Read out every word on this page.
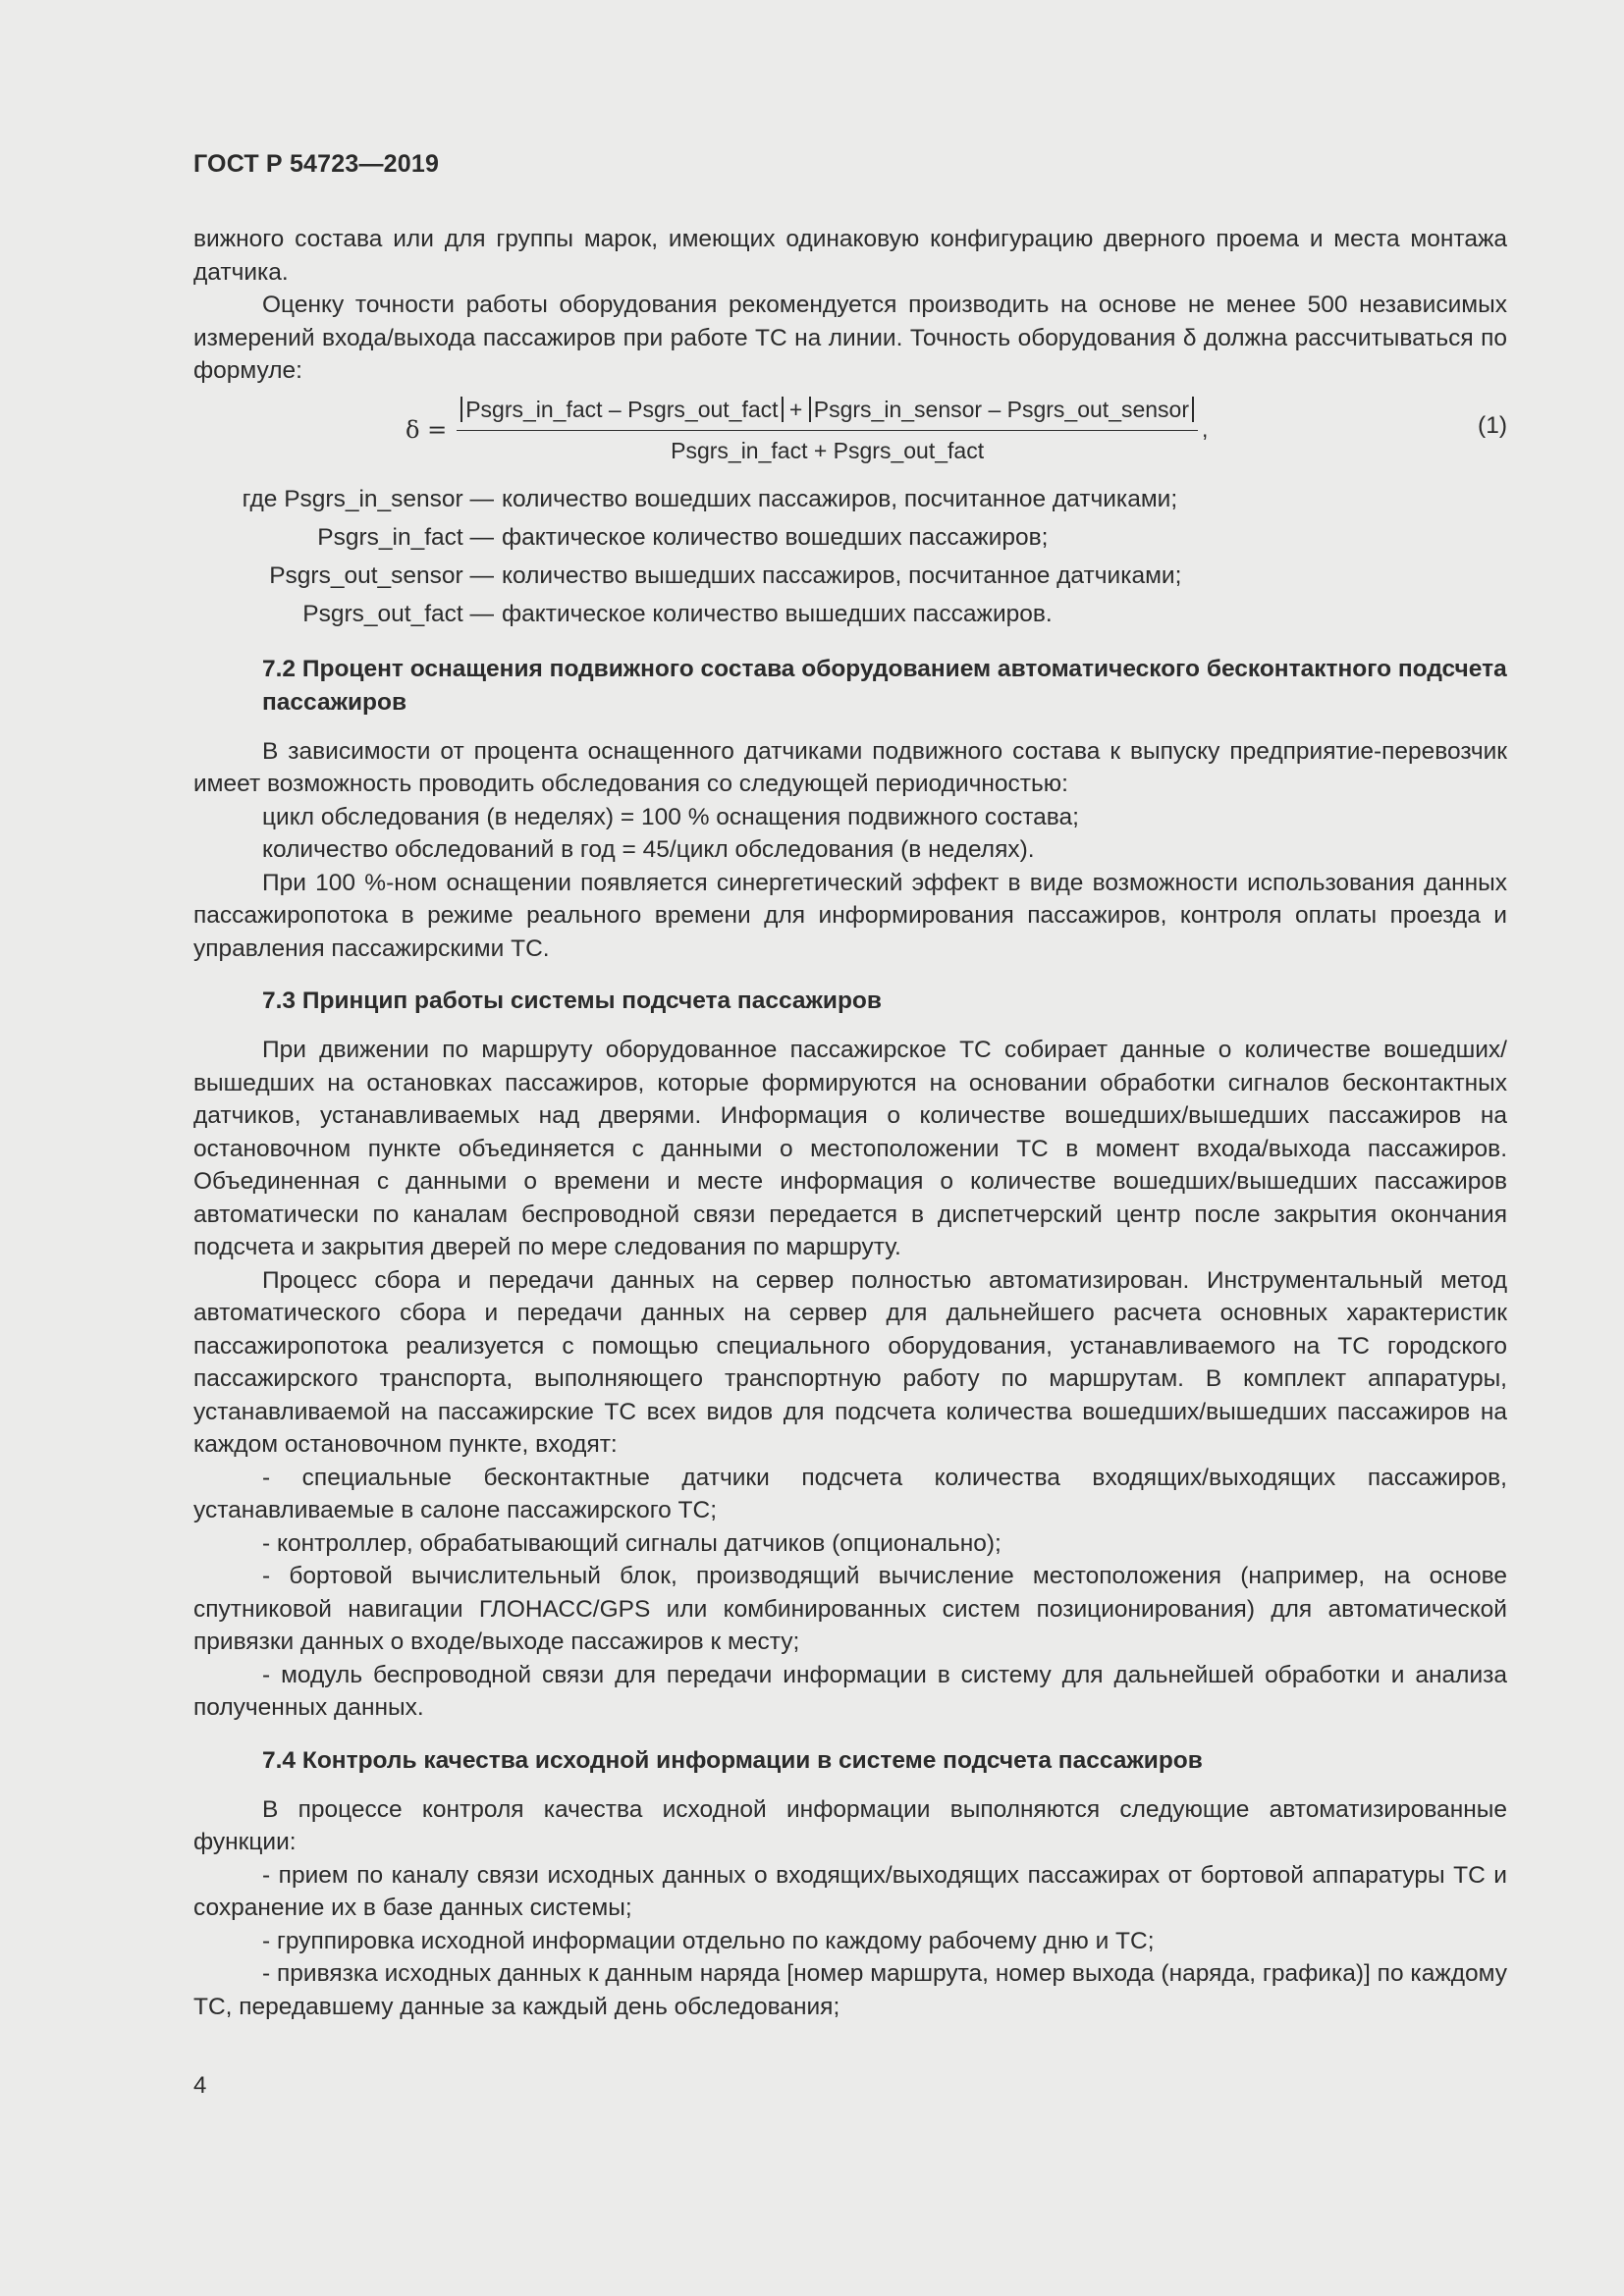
ГОСТ Р 54723—2019

вижного состава или для группы марок, имеющих одинаковую конфигурацию дверного проема и места монтажа датчика.

Оценку точности работы оборудования рекомендуется производить на основе не менее 500 независимых измерений входа/выхода пассажиров при работе ТС на линии. Точность оборудования δ должна рассчитываться по формуле:

δ =
Psgrs_in_fact – Psgrs_out_fact + Psgrs_in_sensor – Psgrs_out_sensor
Psgrs_in_fact + Psgrs_out_fact
,	(1)
где Psgrs_in_sensor — количество вошедших пассажиров, посчитанное датчиками;
Psgrs_in_fact — фактическое количество вошедших пассажиров;
Psgrs_out_sensor — количество вышедших пассажиров, посчитанное датчиками;
Psgrs_out_fact — фактическое количество вышедших пассажиров.
7.2 Процент оснащения подвижного состава оборудованием автоматического бесконтактного подсчета пассажиров

В зависимости от процента оснащенного датчиками подвижного состава к выпуску предприятие-перевозчик имеет возможность проводить обследования со следующей периодичностью:

цикл обследования (в неделях) = 100 % оснащения подвижного состава;

количество обследований в год = 45/цикл обследования (в неделях).

При 100 %-ном оснащении появляется синергетический эффект в виде возможности использования данных пассажиропотока в режиме реального времени для информирования пассажиров, контроля оплаты проезда и управления пассажирскими ТС.

7.3 Принцип работы системы подсчета пассажиров

При движении по маршруту оборудованное пассажирское ТС собирает данные о количестве вошедших/вышедших на остановках пассажиров, которые формируются на основании обработки сигналов бесконтактных датчиков, устанавливаемых над дверями. Информация о количестве вошедших/вышедших пассажиров на остановочном пункте объединяется с данными о местоположении ТС в момент входа/выхода пассажиров. Объединенная с данными о времени и месте информация о количестве вошедших/вышедших пассажиров автоматически по каналам беспроводной связи передается в диспетчерский центр после закрытия окончания подсчета и закрытия дверей по мере следования по маршруту.

Процесс сбора и передачи данных на сервер полностью автоматизирован. Инструментальный метод автоматического сбора и передачи данных на сервер для дальнейшего расчета основных характеристик пассажиропотока реализуется с помощью специального оборудования, устанавливаемого на ТС городского пассажирского транспорта, выполняющего транспортную работу по маршрутам. В комплект аппаратуры, устанавливаемой на пассажирские ТС всех видов для подсчета количества вошедших/вышедших пассажиров на каждом остановочном пункте, входят:

- специальные бесконтактные датчики подсчета количества входящих/выходящих пассажиров, устанавливаемые в салоне пассажирского ТС;

- контроллер, обрабатывающий сигналы датчиков (опционально);

- бортовой вычислительный блок, производящий вычисление местоположения (например, на основе спутниковой навигации ГЛОНАСС/GPS или комбинированных систем позиционирования) для автоматической привязки данных о входе/выходе пассажиров к месту;

- модуль беспроводной связи для передачи информации в систему для дальнейшей обработки и анализа полученных данных.

7.4 Контроль качества исходной информации в системе подсчета пассажиров

В процессе контроля качества исходной информации выполняются следующие автоматизированные функции:

- прием по каналу связи исходных данных о входящих/выходящих пассажирах от бортовой аппаратуры ТС и сохранение их в базе данных системы;

- группировка исходной информации отдельно по каждому рабочему дню и ТС;

- привязка исходных данных к данным наряда [номер маршрута, номер выхода (наряда, графика)] по каждому ТС, передавшему данные за каждый день обследования;

4
